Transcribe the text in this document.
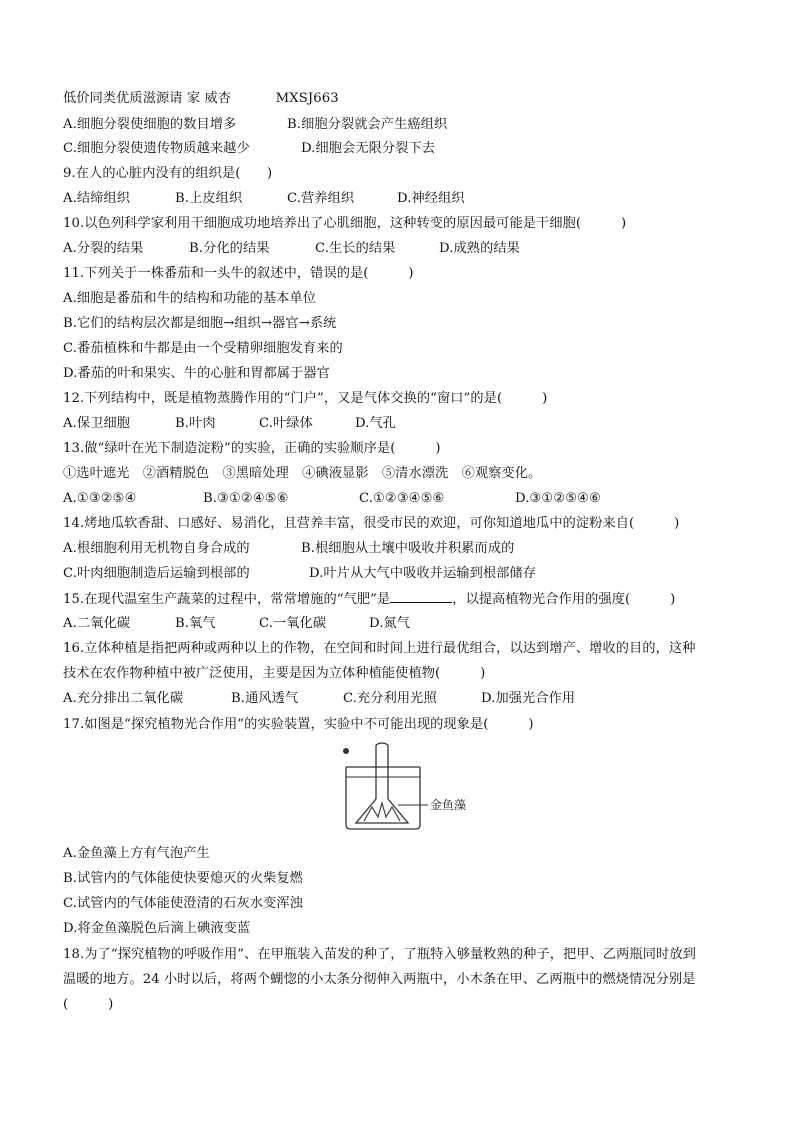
低价同类优质滋源请 家 威杏	MXSJ663
A.细胞分裂使细胞的数目增多	B.细胞分裂就会产生癌组织
C.细胞分裂使遗传物质越来越少	D.细胞会无限分裂下去
9.在人的心脏内没有的组织是(　　)
A.结缔组织	B.上皮组织	C.营养组织	D.神经组织
10.以色列科学家利用干细胞成功地培养出了心肌细胞，这种转变的原因最可能是干细胞(　　　)
A.分裂的结果	B.分化的结果	C.生长的结果	D.成熟的结果
11.下列关于一株番茄和一头牛的叙述中，错误的是(　　　)
A.细胞是番茄和牛的结构和功能的基本单位
B.它们的结构层次都是细胞→组织→器官→系统
C.番茄植株和牛都是由一个受精卵细胞发育来的
D.番茄的叶和果实、牛的心脏和胃都属于器官
12.下列结构中，既是植物蒸腾作用的“门户”，又是气体交换的“窗口”的是(　　　)
A.保卫细胞	B.叶肉	C.叶绿体	D.气孔
13.做“绿叶在光下制造淀粉”的实验，正确的实验顺序是(　　　)
①选叶遮光　②酒精脱色　③黑暗处理　④碘液显影　⑤清水漂洗　⑥观察变化。
A.①③②⑤④	B.③①②④⑤⑥	C.①②③④⑤⑥	D.③①②⑤④⑥
14.烤地瓜软香甜、口感好、易消化，且营养丰富，很受市民的欢迎，可你知道地瓜中的淀粉来自(　　　)
A.根细胞利用无机物自身合成的	B.根细胞从土壤中吸收并积累而成的
C.叶肉细胞制造后运输到根部的	D.叶片从大气中吸收并运输到根部储存
15.在现代温室生产蔬菜的过程中，常常增施的“气肥”是	，以提高植物光合作用的强度(　　　)
A.二氧化碳	B.氧气	C.一氧化碳	D.氮气
16.立体种植是指把两种或两种以上的作物，在空间和时间上进行最优组合，以达到增产、增收的目的，这种
技术在农作物种植中被广泛使用，主要是因为立体种植能使植物(　　　)
A.充分排出二氧化碳	B.通风透气	C.充分利用光照	D.加强光合作用
17.如图是“探究植物光合作用”的实验装置，实验中不可能出现的现象是(　　　)
金鱼藻
A.金鱼藻上方有气泡产生
B.试管内的气体能使快要熄灭的火柴复燃
C.试管内的气体能使澄清的石灰水变浑浊
D.将金鱼藻脱色后滴上碘液变蓝
18.为了“探究植物的呼吸作用”、在甲瓶装入苗发的种了，了瓶特入够量敉熟的种子，把甲、乙两瓶同时放到
温暖的地方。24 小时以后，将两个蝴惚的小太条分彻伸入两瓶中，小木条在甲、乙两瓶中的燃烧情况分别是
(　　　)
